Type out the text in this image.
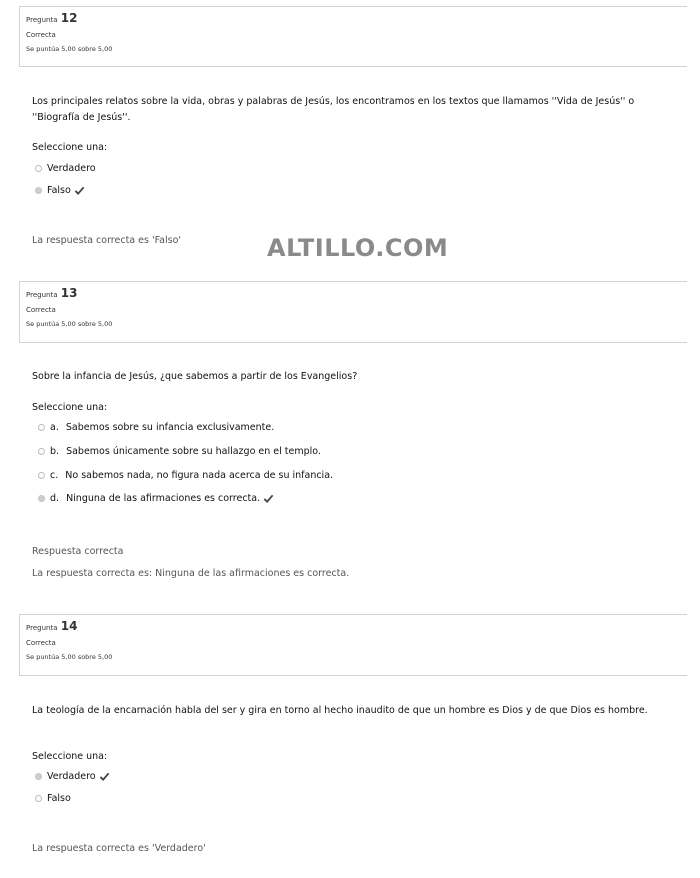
Pregunta 12
Correcta
Se puntúa 5,00 sobre 5,00
Los principales relatos sobre la vida, obras y palabras de Jesús, los encontramos en los textos que llamamos ''Vida de Jesús'' o ''Biografía de Jesús''.
Seleccione una:
Verdadero
Falso
La respuesta correcta es 'Falso'	ALTILLO.COM
Pregunta 13
Correcta
Se puntúa 5,00 sobre 5,00
Sobre la infancia de Jesús, ¿que sabemos a partir de los Evangelios?
Seleccione una:
a. Sabemos sobre su infancia exclusivamente.
b. Sabemos únicamente sobre su hallazgo en el templo.
c. No sabemos nada, no figura nada acerca de su infancia.
d. Ninguna de las afirmaciones es correcta.
Respuesta correcta
La respuesta correcta es: Ninguna de las afirmaciones es correcta.
Pregunta 14
Correcta
Se puntúa 5,00 sobre 5,00
La teología de la encarnación habla del ser y gira en torno al hecho inaudito de que un hombre es Dios y de que Dios es hombre.
Seleccione una:
Verdadero
Falso
La respuesta correcta es 'Verdadero'
